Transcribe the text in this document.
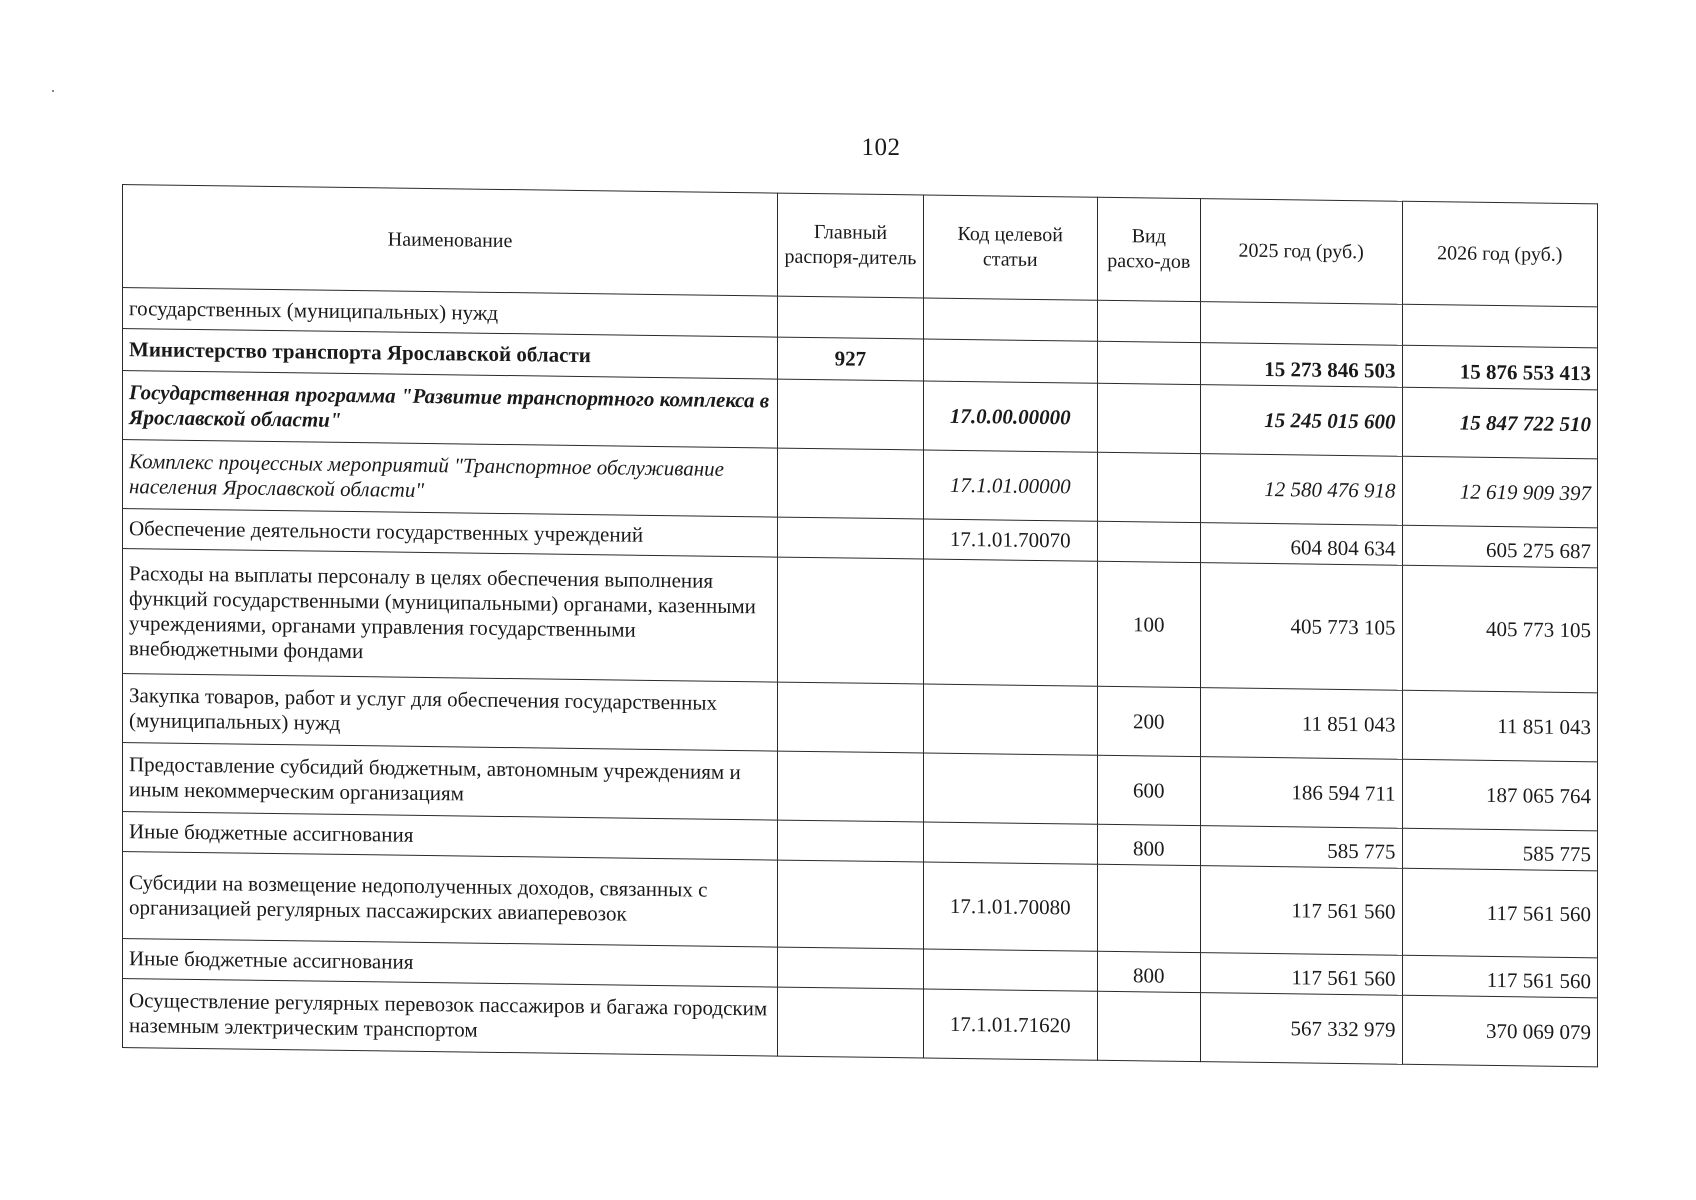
102
Наименование	Главный распоря-дитель	Код целевой статьи	Вид расхо-дов	2025 год (руб.)	2026 год (руб.)
государственных (муниципальных) нужд					
Министерство транспорта Ярославской области	927			15 273 846 503	15 876 553 413
Государственная программа "Развитие транспортного комплекса в Ярославской области"		17.0.00.00000		15 245 015 600	15 847 722 510
Комплекс процессных мероприятий "Транспортное обслуживание населения Ярославской области"		17.1.01.00000		12 580 476 918	12 619 909 397
Обеспечение деятельности государственных учреждений		17.1.01.70070		604 804 634	605 275 687
Расходы на выплаты персоналу в целях обеспечения выполнения функций государственными (муниципальными) органами, казенными учреждениями, органами управления государственными внебюджетными фондами			100	405 773 105	405 773 105
Закупка товаров, работ и услуг для обеспечения государственных (муниципальных) нужд			200	11 851 043	11 851 043
Предоставление субсидий бюджетным, автономным учреждениям и иным некоммерческим организациям			600	186 594 711	187 065 764
Иные бюджетные ассигнования			800	585 775	585 775
Субсидии на возмещение недополученных доходов, связанных с организацией регулярных пассажирских авиаперевозок		17.1.01.70080		117 561 560	117 561 560
Иные бюджетные ассигнования			800	117 561 560	117 561 560
Осуществление регулярных перевозок пассажиров и багажа городским наземным электрическим транспортом		17.1.01.71620		567 332 979	370 069 079
